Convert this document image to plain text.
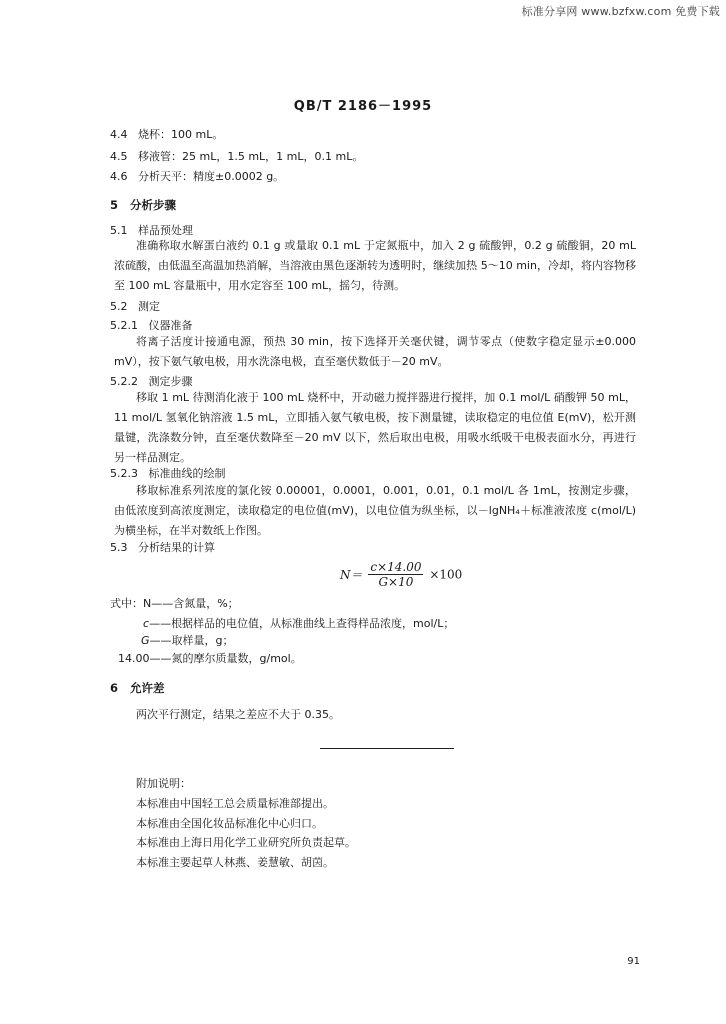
标准分享网 www.bzfxw.com 免费下载
QB/T 2186－1995
4.4 烧杯：100 mL。
4.5 移液管：25 mL，1.5 mL，1 mL，0.1 mL。
4.6 分析天平：精度±0.0002 g。
5 分析步骤
5.1 样品预处理
准确称取水解蛋白液约 0.1 g 或量取 0.1 mL 于定氮瓶中，加入 2 g 硫酸钾，0.2 g 硫酸铜，20 mL 浓硫酸，由低温至高温加热消解，当溶液由黑色逐渐转为透明时，继续加热 5～10 min，冷却，将内容物移至 100 mL 容量瓶中，用水定容至 100 mL，摇匀，待测。
5.2 测定
5.2.1 仪器准备
将离子活度计接通电源，预热 30 min，按下选择开关毫伏键，调节零点（使数字稳定显示±0.000 mV），按下氨气敏电极，用水洗涤电极，直至毫伏数低于－20 mV。
5.2.2 测定步骤
移取 1 mL 待测消化液于 100 mL 烧杯中，开动磁力搅拌器进行搅拌，加 0.1 mol/L 硝酸钾 50 mL，11 mol/L 氢氧化钠溶液 1.5 mL，立即插入氨气敏电极，按下测量键，读取稳定的电位值 E(mV)，松开测量键，洗涤数分钟，直至毫伏数降至－20 mV 以下，然后取出电极，用吸水纸吸干电极表面水分，再进行另一样品测定。
5.2.3 标准曲线的绘制
移取标准系列浓度的氯化铵 0.00001，0.0001，0.001，0.01，0.1 mol/L 各 1mL，按测定步骤，由低浓度到高浓度测定，读取稳定的电位值(mV)，以电位值为纵坐标，以－lgNH₄＋标准液浓度 c(mol/L)为横坐标，在半对数纸上作图。
5.3 分析结果的计算
$N= \frac{c\times 14.00}{G\times 10} \times 100$
式中：N——含氮量，%；
c——根据样品的电位值，从标准曲线上查得样品浓度，mol/L；
G——取样量，g；
14.00——氮的摩尔质量数，g/mol。
6 允许差
两次平行测定，结果之差应不大于 0.35。
附加说明：
本标准由中国轻工总会质量标准部提出。
本标准由全国化妆品标准化中心归口。
本标准由上海日用化学工业研究所负责起草。
本标准主要起草人林燕、姜慧敏、胡茵。
91
